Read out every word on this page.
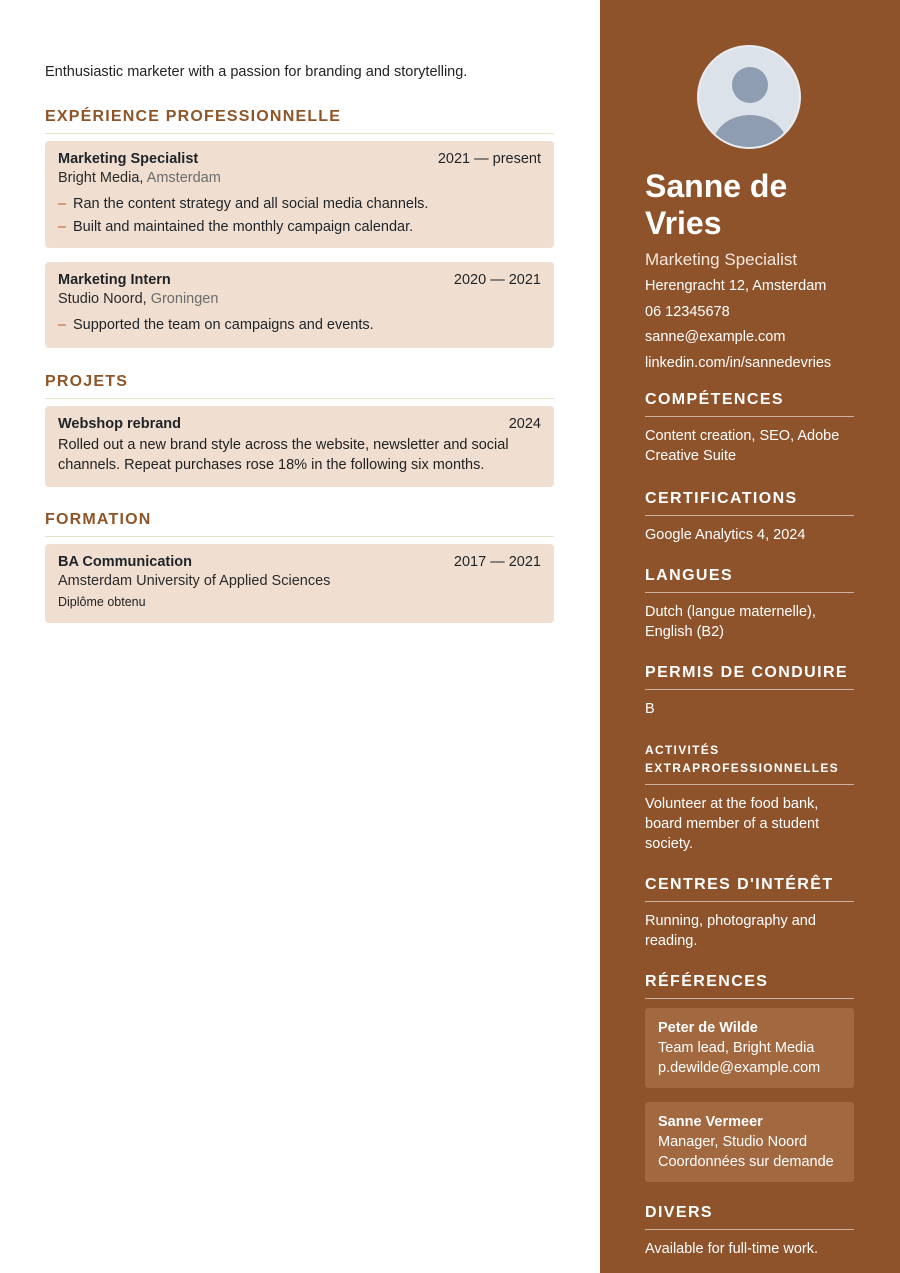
Enthusiastic marketer with a passion for branding and storytelling.
EXPÉRIENCE PROFESSIONNELLE
Marketing Specialist	2021 — present
Bright Media, Amsterdam
– Ran the content strategy and all social media channels.
– Built and maintained the monthly campaign calendar.
Marketing Intern	2020 — 2021
Studio Noord, Groningen
– Supported the team on campaigns and events.
PROJETS
Webshop rebrand	2024
Rolled out a new brand style across the website, newsletter and social channels. Repeat purchases rose 18% in the following six months.
FORMATION
BA Communication	2017 — 2021
Amsterdam University of Applied Sciences
Diplôme obtenu
Sanne de Vries
Marketing Specialist
Herengracht 12, Amsterdam
06 12345678
sanne@example.com
linkedin.com/in/sannedevries
COMPÉTENCES
Content creation, SEO, Adobe Creative Suite
CERTIFICATIONS
Google Analytics 4, 2024
LANGUES
Dutch (langue maternelle), English (B2)
PERMIS DE CONDUIRE
B
ACTIVITÉS EXTRAPROFESSIONNELLES
Volunteer at the food bank, board member of a student society.
CENTRES D'INTÉRÊT
Running, photography and reading.
RÉFÉRENCES
Peter de Wilde
Team lead, Bright Media
p.dewilde@example.com
Sanne Vermeer
Manager, Studio Noord
Coordonnées sur demande
DIVERS
Available for full-time work.
